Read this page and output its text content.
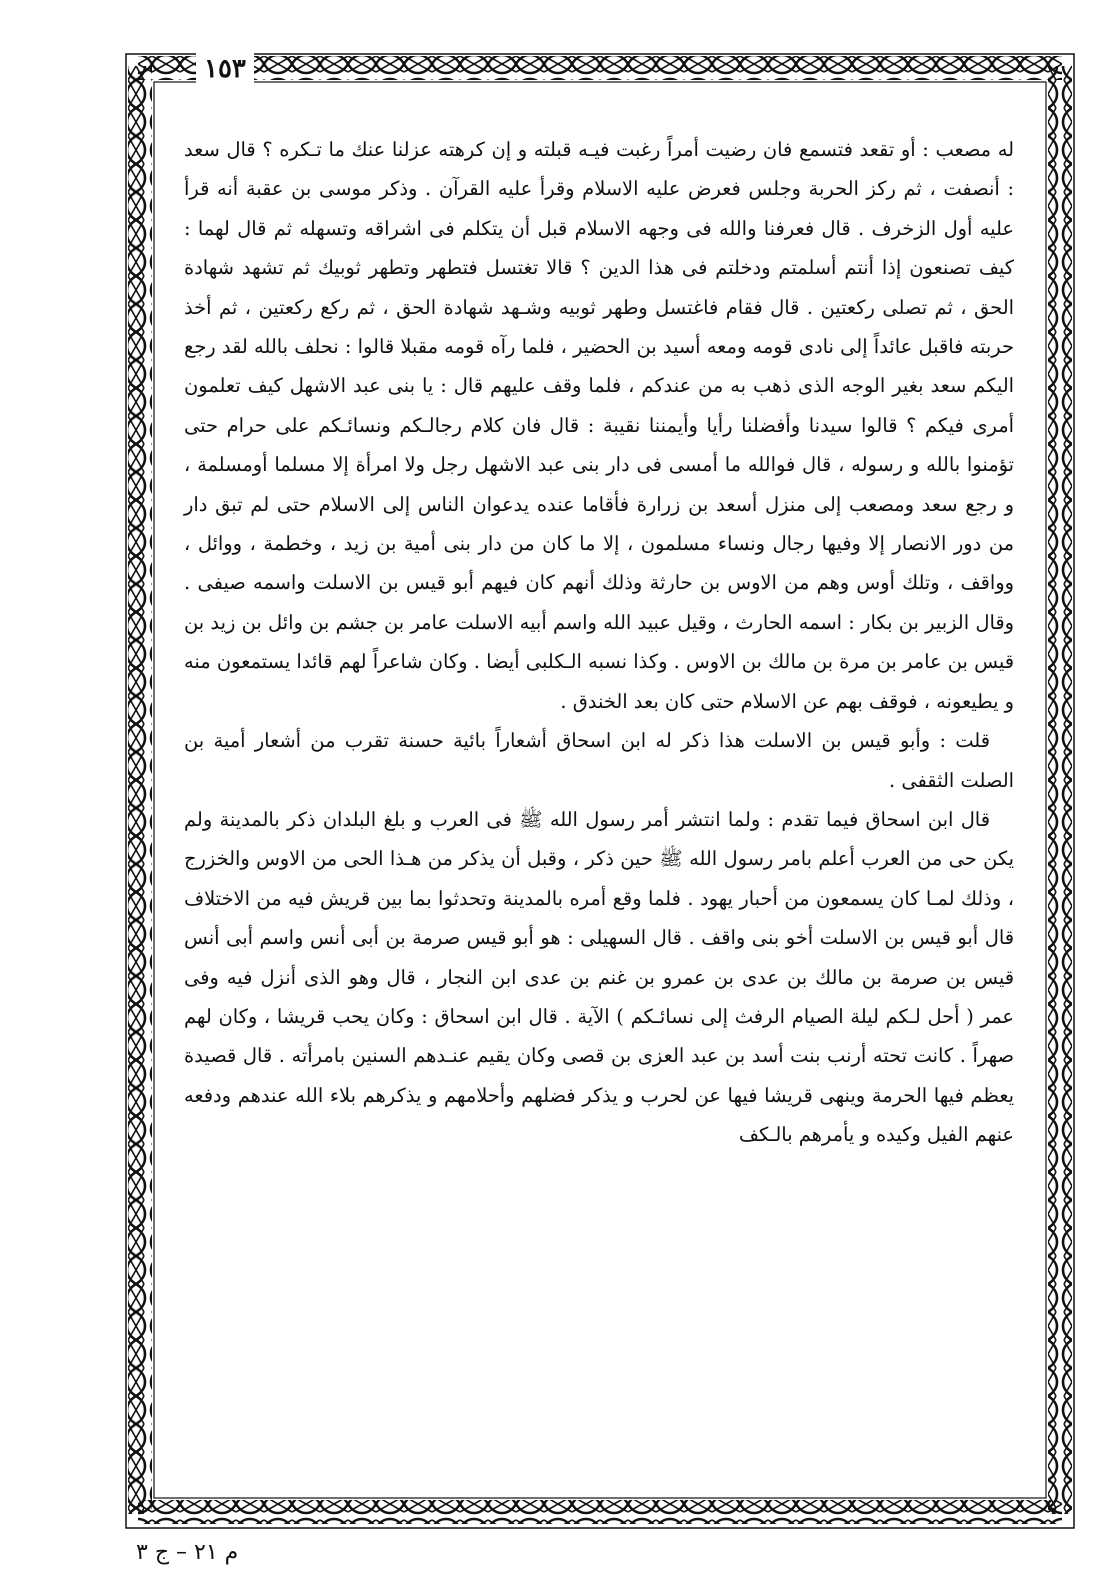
١٥٣

له مصعب : أو تقعد فتسمع فان رضيت أمراً رغبت فيـه قبلته و إن كرهته عزلنا عنك ما تـكره ؟ قال سعد : أنصفت ، ثم ركز الحربة وجلس فعرض عليه الاسلام وقرأ عليه القرآن . وذكر موسى بن عقبة أنه قرأ عليه أول الزخرف . قال فعرفنا والله فى وجهه الاسلام قبل أن يتكلم فى اشراقه وتسهله ثم قال لهما : كيف تصنعون إذا أنتم أسلمتم ودخلتم فى هذا الدين ؟ قالا تغتسل فتطهر وتطهر ثوبيك ثم تشهد شهادة الحق ، ثم تصلى ركعتين . قال فقام فاغتسل وطهر ثوبيه وشـهد شهادة الحق ، ثم ركع ركعتين ، ثم أخذ حربته فاقبل عائداً إلى نادى قومه ومعه أسيد بن الحضير ، فلما رآه قومه مقبلا قالوا : نحلف بالله لقد رجع اليكم سعد بغير الوجه الذى ذهب به من عندكم ، فلما وقف عليهم قال : يا بنى عبد الاشهل كيف تعلمون أمرى فيكم ؟ قالوا سيدنا وأفضلنا رأيا وأيمننا نقيبة : قال فان كلام رجالـكم ونسائـكم على حرام حتى تؤمنوا بالله و رسوله ، قال فوالله ما أمسى فى دار بنى عبد الاشهل رجل ولا امرأة إلا مسلما أومسلمة ، و رجع سعد ومصعب إلى منزل أسعد بن زرارة فأقاما عنده يدعوان الناس إلى الاسلام حتى لم تبق دار من دور الانصار إلا وفيها رجال ونساء مسلمون ، إلا ما كان من دار بنى أمية بن زيد ، وخطمة ، ووائل ، وواقف ، وتلك أوس وهم من الاوس بن حارثة وذلك أنهم كان فيهم أبو قيس بن الاسلت واسمه صيفى . وقال الزبير بن بكار : اسمه الحارث ، وقيل عبيد الله واسم أبيه الاسلت عامر بن جشم بن وائل بن زيد بن قيس بن عامر بن مرة بن مالك بن الاوس . وكذا نسبه الـكلبى أيضا . وكان شاعراً لهم قائدا يستمعون منه و يطيعونه ، فوقف بهم عن الاسلام حتى كان بعد الخندق .

قلت : وأبو قيس بن الاسلت هذا ذكر له ابن اسحاق أشعاراً بائية حسنة تقرب من أشعار أمية بن الصلت الثقفى .

قال ابن اسحاق فيما تقدم : ولما انتشر أمر رسول الله ﷺ فى العرب و بلغ البلدان ذكر بالمدينة ولم يكن حى من العرب أعلم بامر رسول الله ﷺ حين ذكر ، وقبل أن يذكر من هـذا الحى من الاوس والخزرج ، وذلك لمـا كان يسمعون من أحبار يهود . فلما وقع أمره بالمدينة وتحدثوا بما بين قريش فيه من الاختلاف قال أبو قيس بن الاسلت أخو بنى واقف . قال السهيلى : هو أبو قيس صرمة بن أبى أنس واسم أبى أنس قيس بن صرمة بن مالك بن عدى بن عمرو بن غنم بن عدى ابن النجار ، قال وهو الذى أنزل فيه وفى عمر ( أحل لـكم ليلة الصيام الرفث إلى نسائـكم ) الآية . قال ابن اسحاق : وكان يحب قريشا ، وكان لهم صهراً . كانت تحته أرنب بنت أسد بن عبد العزى بن قصى وكان يقيم عنـدهم السنين بامرأته . قال قصيدة يعظم فيها الحرمة وينهى قريشا فيها عن لحرب و يذكر فضلهم وأحلامهم و يذكرهم بلاء الله عندهم ودفعه عنهم الفيل وكيده و يأمرهم بالـكف

م ٢١ – ج ٣
